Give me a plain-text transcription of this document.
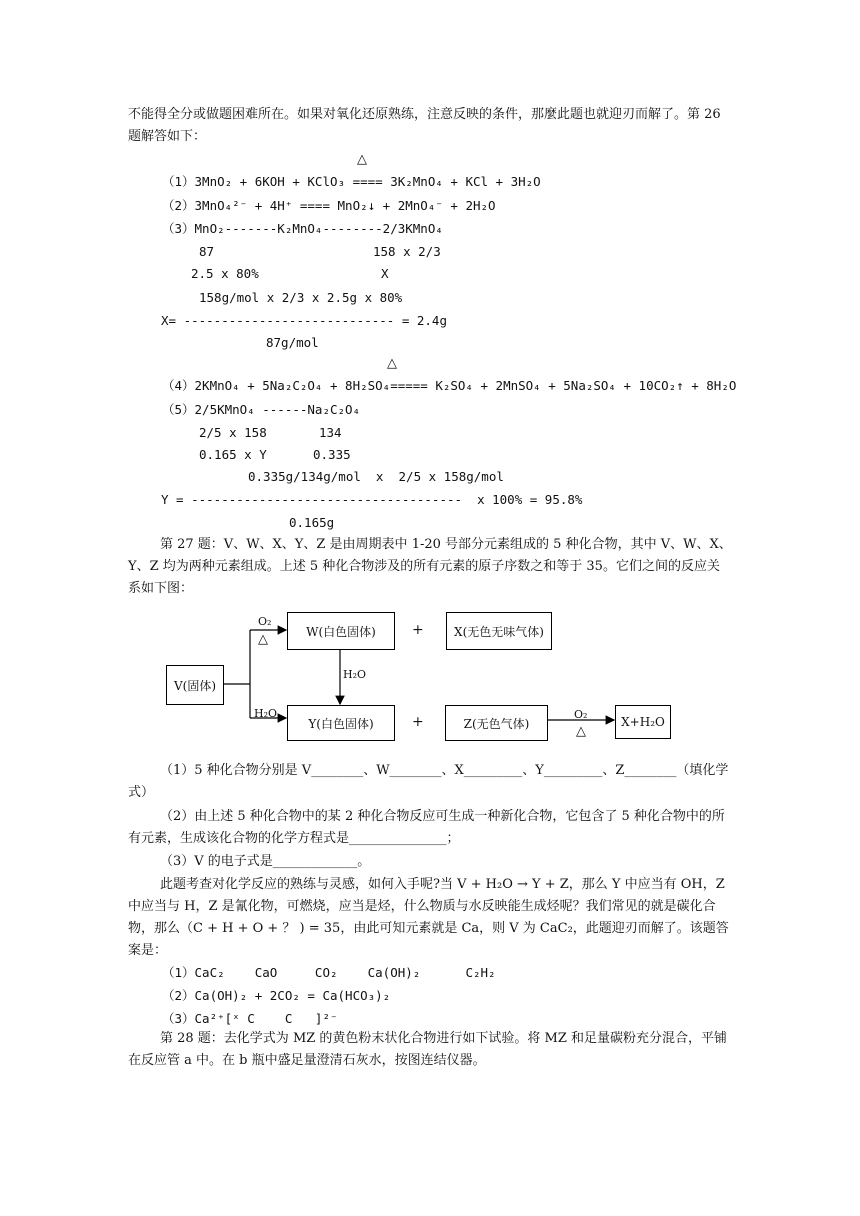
不能得全分或做题困难所在。如果对氧化还原熟练，注意反映的条件，那麼此题也就迎刃而解了。第 26 题解答如下：
△
（1）3MnO₂ + 6KOH + KClO₃ ==== 3K₂MnO₄ + KCl + 3H₂O
（2）3MnO₄²⁻ + 4H⁺ ==== MnO₂↓ + 2MnO₄⁻ + 2H₂O
（3）MnO₂-------K₂MnO₄--------2/3KMnO₄
87	158 x 2/3
2.5 x 80%	X
158g/mol x 2/3 x 2.5g x 80%
X= ---------------------------- = 2.4g
87g/mol
△
（4）2KMnO₄ + 5Na₂C₂O₄ + 8H₂SO₄===== K₂SO₄ + 2MnSO₄ + 5Na₂SO₄ + 10CO₂↑ + 8H₂O
（5）2/5KMnO₄ ------Na₂C₂O₄
2/5 x 158	134
0.165 x Y	0.335
0.335g/134g/mol  x  2/5 x 158g/mol
Y = ------------------------------------  x 100% = 95.8%
0.165g
第 27 题：V、W、X、Y、Z 是由周期表中 1-20 号部分元素组成的 5 种化合物，其中 V、W、X、Y、Z 均为两种元素组成。上述 5 种化合物涉及的所有元素的原子序数之和等于 35。它们之间的反应关系如下图：
V(固体)
W(白色固体)	X(无色无味气体)
Y(白色固体)	Z(无色气体)	X+H₂O
+
+
O₂
△
H₂O
H₂O	O₂
△
（1）5 种化合物分别是 V________、W________、X_________、Y_________、Z________（填化学式）
（2）由上述 5 种化合物中的某 2 种化合物反应可生成一种新化合物，它包含了 5 种化合物中的所有元素，生成该化合物的化学方程式是_______________；
（3）V 的电子式是_____________。
此题考查对化学反应的熟练与灵感，如何入手呢?当 V + H₂O → Y + Z，那么 Y 中应当有 OH，Z 中应当与 H，Z 是氰化物，可燃烧，应当是烃，什么物质与水反映能生成烃呢？我们常见的就是碳化合物，那么（C + H + O + ？ ) = 35，由此可知元素就是 Ca，则 V 为 CaC₂，此题迎刃而解了。该题答案是：
（1）CaC₂    CaO     CO₂    Ca(OH)₂      C₂H₂
（2）Ca(OH)₂ + 2CO₂ = Ca(HCO₃)₂
（3）Ca²⁺[ˣ C    C   ]²⁻
第 28 题：去化学式为 MZ 的黄色粉末状化合物进行如下试验。将 MZ 和足量碳粉充分混合，平铺在反应管 a 中。在 b 瓶中盛足量澄清石灰水，按图连结仪器。
